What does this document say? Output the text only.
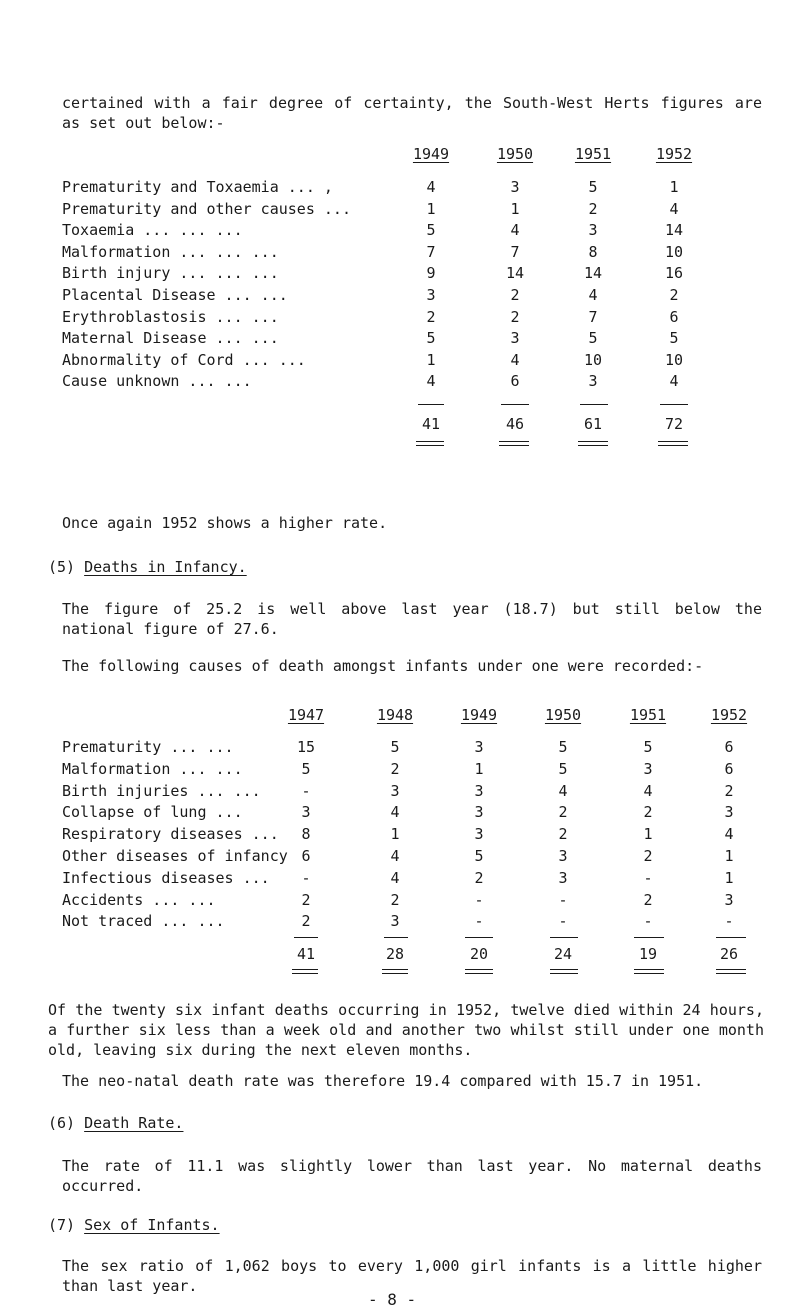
certained with a fair degree of certainty, the South-West Herts figures are as set out below:-
1949	1950	1951	1952
Prematurity and Toxaemia ... ,	4	3	5	1
Prematurity and other causes ...	1	1	2	4
Toxaemia ... ... ...	5	4	3	14
Malformation ... ... ...	7	7	8	10
Birth injury ... ... ...	9	14	14	16
Placental Disease ... ...	3	2	4	2
Erythroblastosis ... ...	2	2	7	6
Maternal Disease ... ...	5	3	5	5
Abnormality of Cord ... ...	1	4	10	10
Cause unknown ... ...	4	6	3	4
41	46	61	72
Once again 1952 shows a higher rate.
(5) Deaths in Infancy.
The figure of 25.2 is well above last year (18.7) but still below the national figure of 27.6.
The following causes of death amongst infants under one were recorded:-
1947	1948	1949	1950	1951	1952
Prematurity ... ...	15	5	3	5	5	6
Malformation ... ...	5	2	1	5	3	6
Birth injuries ... ...	-	3	3	4	4	2
Collapse of lung ...	3	4	3	2	2	3
Respiratory diseases ...	8	1	3	2	1	4
Other diseases of infancy 6	4	5	3	2	1
Infectious diseases ...	-	4	2	3	-	1
Accidents ... ...	2	2	-	-	2	3
Not traced ... ...	2	3	-	-	-	-
41	28	20	24	19	26
Of the twenty six infant deaths occurring in 1952, twelve died within 24 hours, a further six less than a week old and another two whilst still under one month old, leaving six during the next eleven months.
The neo-natal death rate was therefore 19.4 compared with 15.7 in 1951.
(6) Death Rate.
The rate of 11.1 was slightly lower than last year. No maternal deaths occurred.
(7) Sex of Infants.
The sex ratio of 1,062 boys to every 1,000 girl infants is a little higher than last year.
- 8 -
